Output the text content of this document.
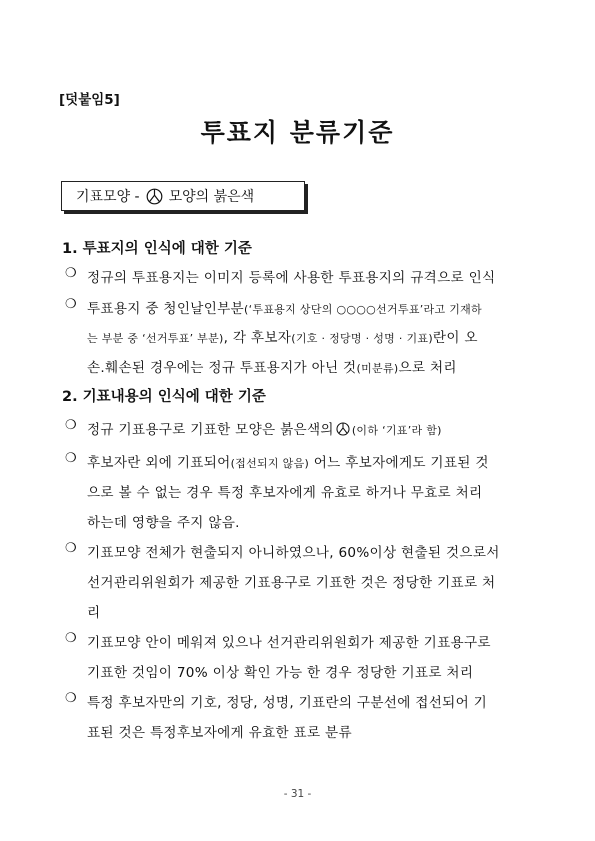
[덧붙임5]
투표지 분류기준
기표모양 - 모양의 붉은색
1. 투표지의 인식에 대한 기준
❍ 정규의 투표용지는 이미지 등록에 사용한 투표용지의 규격으로 인식
❍ 투표용지 중 청인날인부분(‘투표용지 상단의 ○○○○선거투표’라고 기재하
는 부분 중 ‘선거투표’ 부분), 각 후보자(기호 · 정당명 · 성명 · 기표)란이 오
손.훼손된 경우에는 정규 투표용지가 아닌 것(미분류)으로 처리
2. 기표내용의 인식에 대한 기준
❍ 정규 기표용구로 기표한 모양은 붉은색의 (이하 ‘기표’라 함)
❍ 후보자란 외에 기표되어(접선되지 않음) 어느 후보자에게도 기표된 것
으로 볼 수 없는 경우 특정 후보자에게 유효로 하거나 무효로 처리
하는데 영향을 주지 않음.
❍ 기표모양 전체가 현출되지 아니하였으나, 60%이상 현출된 것으로서
선거관리위원회가 제공한 기표용구로 기표한 것은 정당한 기표로 처
리
❍ 기표모양 안이 메워져 있으나 선거관리위원회가 제공한 기표용구로
기표한 것임이 70% 이상 확인 가능 한 경우 정당한 기표로 처리
❍ 특정 후보자만의 기호, 정당, 성명, 기표란의 구분선에 접선되어 기
표된 것은 특정후보자에게 유효한 표로 분류
- 31 -
